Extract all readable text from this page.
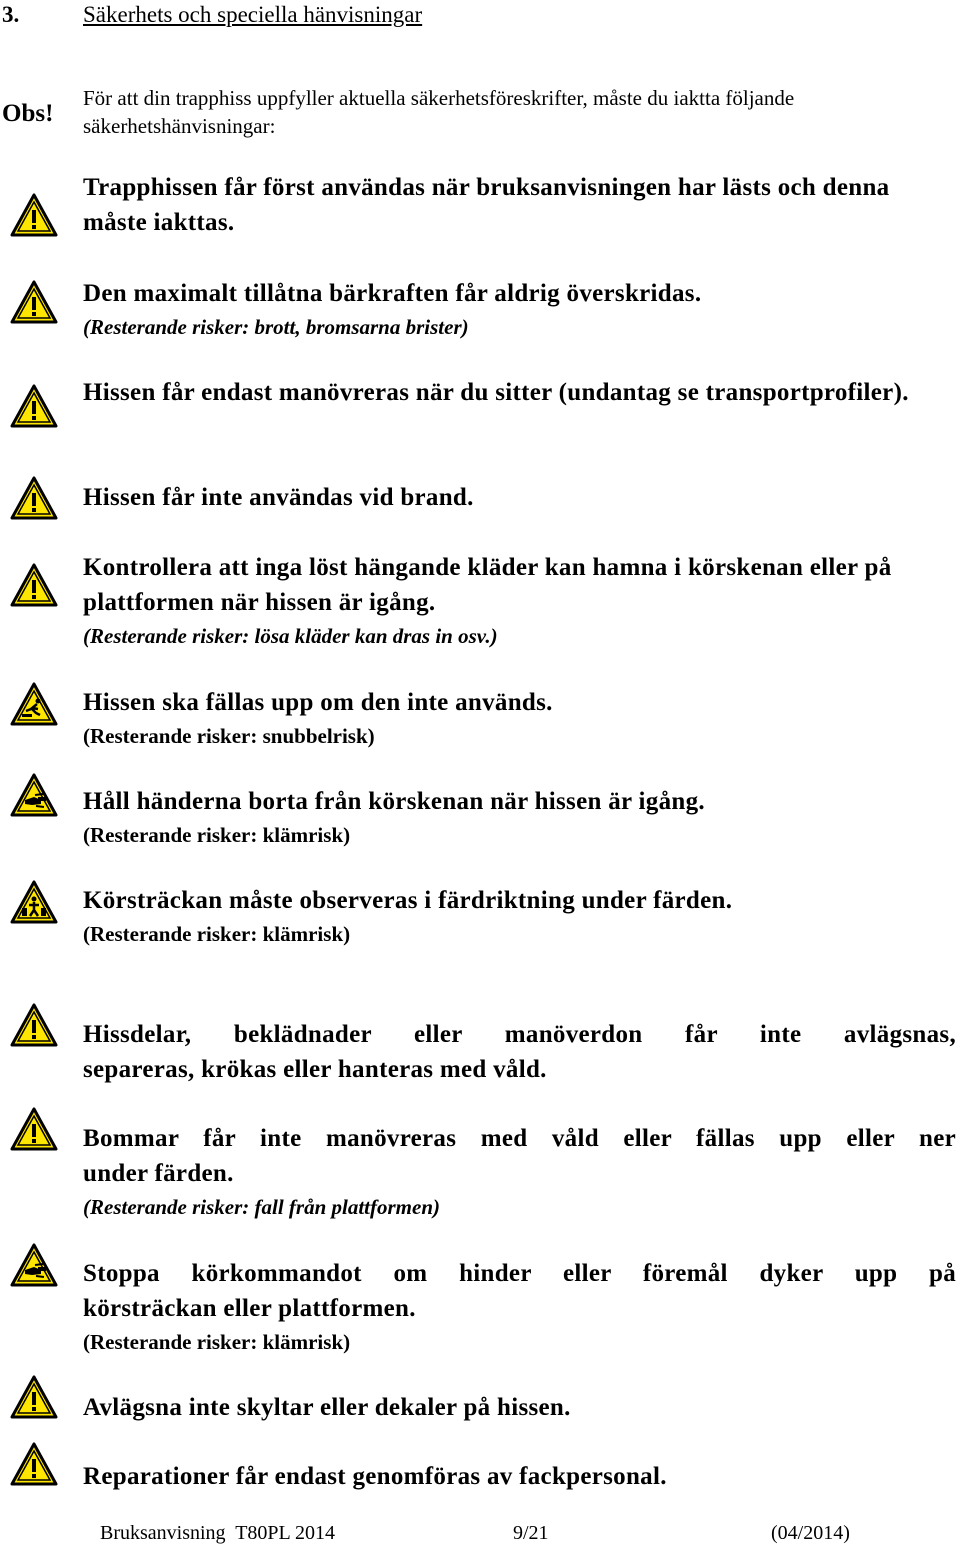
3.	Säkerhets och speciella hänvisningar
Obs!
För att din trapphiss uppfyller aktuella säkerhetsföreskrifter, måste du iaktta följande säkerhetshänvisningar:
Trapphissen får först användas när bruksanvisningen har lästs och denna måste iakttas.
Den maximalt tillåtna bärkraften får aldrig överskridas.
(Resterande risker: brott, bromsarna brister)
Hissen får endast manövreras när du sitter (undantag se transportprofiler).
Hissen får inte användas vid brand.
Kontrollera att inga löst hängande kläder kan hamna i körskenan eller på plattformen när hissen är igång.
(Resterande risker: lösa kläder kan dras in osv.)
Hissen ska fällas upp om den inte används.
(Resterande risker: snubbelrisk)
Håll händerna borta från körskenan när hissen är igång.
(Resterande risker: klämrisk)
Körsträckan måste observeras i färdriktning under färden.
(Resterande risker: klämrisk)
Hissdelar, beklädnader eller manöverdon får inte avlägsnas,
separeras, krökas eller hanteras med våld.
Bommar får inte manövreras med våld eller fällas upp eller ner
under färden.
(Resterande risker: fall från plattformen)
Stoppa körkommandot om hinder eller föremål dyker upp på
körsträckan eller plattformen.
(Resterande risker: klämrisk)
Avlägsna inte skyltar eller dekaler på hissen.
Reparationer får endast genomföras av fackpersonal.
Bruksanvisning  T80PL 2014	9/21	(04/2014)
